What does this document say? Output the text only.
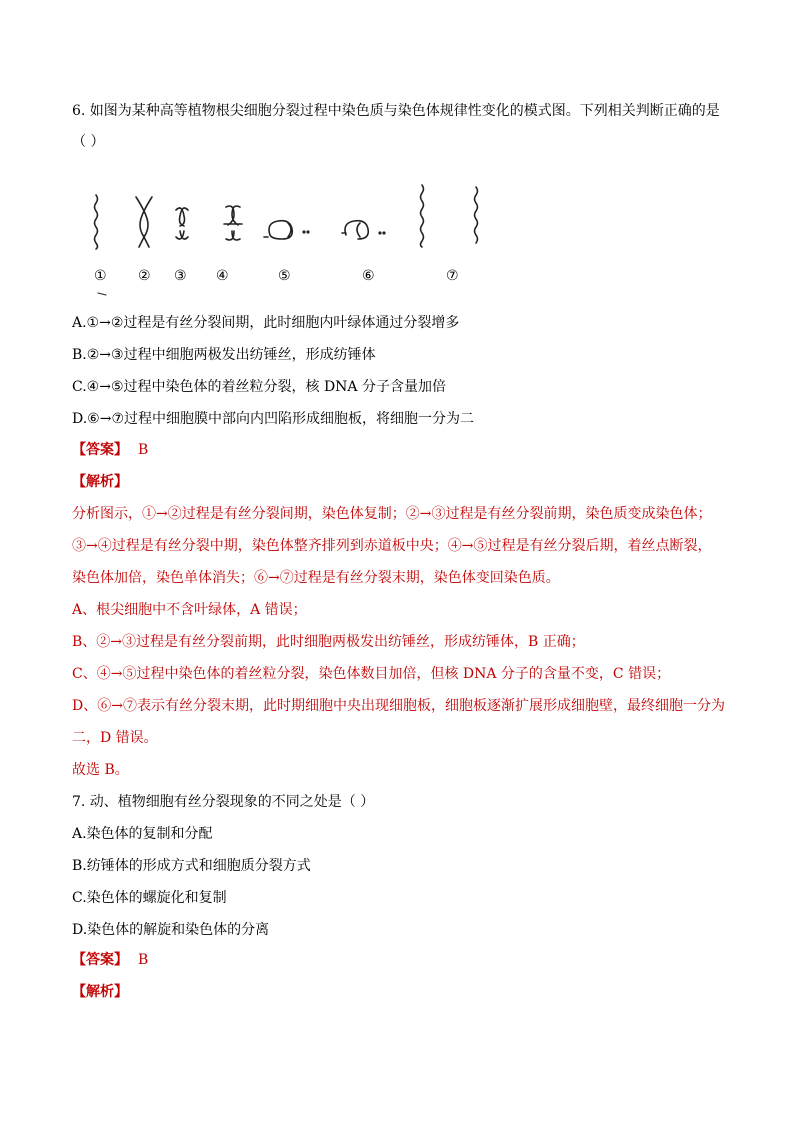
6. 如图为某种高等植物根尖细胞分裂过程中染色质与染色体规律性变化的模式图。下列相关判断正确的是
（ ）
① ② ③ ④	⑤	⑥	⑦
A.①→②过程是有丝分裂间期，此时细胞内叶绿体通过分裂增多
B.②→③过程中细胞两极发出纺锤丝，形成纺锤体
C.④→⑤过程中染色体的着丝粒分裂，核 DNA 分子含量加倍
D.⑥→⑦过程中细胞膜中部向内凹陷形成细胞板，将细胞一分为二
【答案】 B
【解析】
分析图示，①→②过程是有丝分裂间期，染色体复制；②→③过程是有丝分裂前期，染色质变成染色体；
③→④过程是有丝分裂中期，染色体整齐排列到赤道板中央；④→⑤过程是有丝分裂后期，着丝点断裂，
染色体加倍，染色单体消失；⑥→⑦过程是有丝分裂末期，染色体变回染色质。
A、根尖细胞中不含叶绿体，A 错误；
B、②→③过程是有丝分裂前期，此时细胞两极发出纺锤丝，形成纺锤体，B 正确；
C、④→⑤过程中染色体的着丝粒分裂，染色体数目加倍，但核 DNA 分子的含量不变，C 错误；
D、⑥→⑦表示有丝分裂末期，此时期细胞中央出现细胞板，细胞板逐渐扩展形成细胞壁，最终细胞一分为
二，D 错误。
故选 B。
7. 动、植物细胞有丝分裂现象的不同之处是（ ）
A.染色体的复制和分配
B.纺锤体的形成方式和细胞质分裂方式
C.染色体的螺旋化和复制
D.染色体的解旋和染色体的分离
【答案】 B
【解析】
